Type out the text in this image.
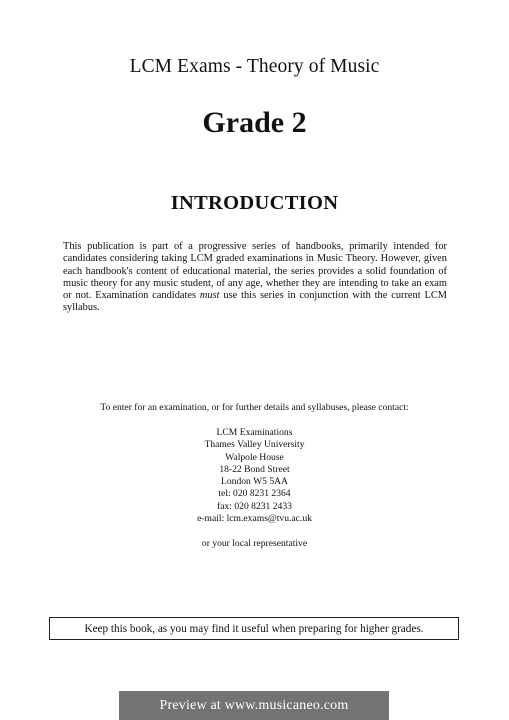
LCM Exams - Theory of Music
Grade 2
INTRODUCTION
This publication is part of a progressive series of handbooks, primarily intended for
candidates considering taking LCM graded examinations in Music Theory. However, given
each handbook's content of educational material, the series provides a solid foundation of
music theory for any music student, of any age, whether they are intending to take an exam
or not. Examination candidates must use this series in conjunction with the current LCM
syllabus.
To enter for an examination, or for further details and syllabuses, please contact:
LCM Examinations
Thames Valley University
Walpole House
18-22 Bond Street
London W5 5AA
tel: 020 8231 2364
fax: 020 8231 2433
e-mail: lcm.exams@tvu.ac.uk
or your local representative
Keep this book, as you may find it useful when preparing for higher grades.
Preview at www.musicaneo.com
